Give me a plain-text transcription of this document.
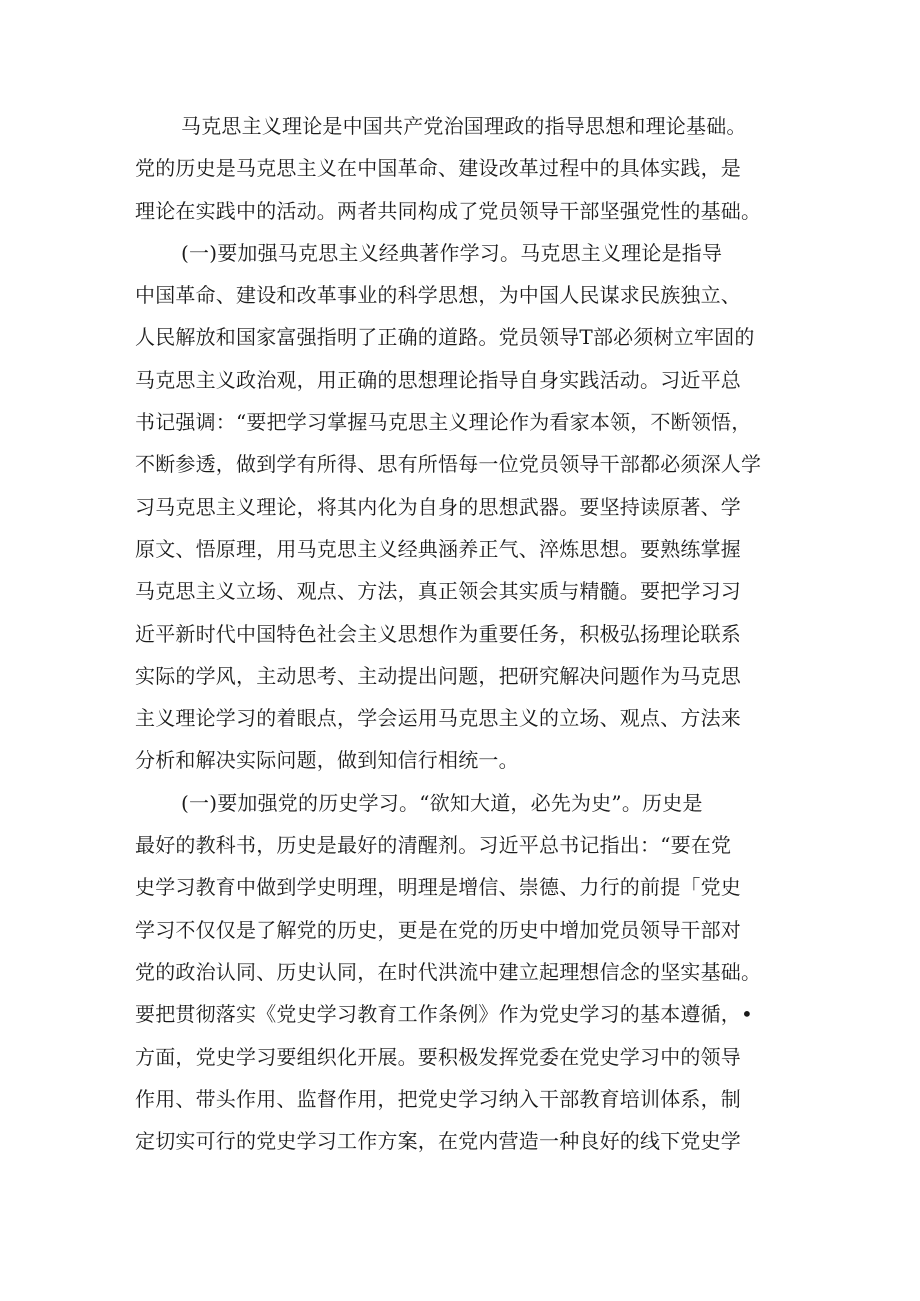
马克思主义理论是中国共产党治国理政的指导思想和理论基础。
党的历史是马克思主义在中国革命、建设改革过程中的具体实践，是
理论在实践中的活动。两者共同构成了党员领导干部坚强党性的基础。
(一)要加强马克思主义经典著作学习。马克思主义理论是指导
中国革命、建设和改革事业的科学思想，为中国人民谋求民族独立、
人民解放和国家富强指明了正确的道路。党员领导T部必须树立牢固的
马克思主义政治观，用正确的思想理论指导自身实践活动。习近平总
书记强调：“要把学习掌握马克思主义理论作为看家本领，不断领悟，
不断参透，做到学有所得、思有所悟每一位党员领导干部都必须深人学
习马克思主义理论，将其内化为自身的思想武器。要坚持读原著、学
原文、悟原理，用马克思主义经典涵养正气、淬炼思想。要熟练掌握
马克思主义立场、观点、方法，真正领会其实质与精髓。要把学习习
近平新时代中国特色社会主义思想作为重要任务，积极弘扬理论联系
实际的学风，主动思考、主动提出问题，把研究解决问题作为马克思
主义理论学习的着眼点，学会运用马克思主义的立场、观点、方法来
分析和解决实际问题，做到知信行相统一。
(一)要加强党的历史学习。“欲知大道，必先为史”。历史是
最好的教科书，历史是最好的清醒剂。习近平总书记指出：“要在党
史学习教育中做到学史明理，明理是增信、崇德、力行的前提「党史
学习不仅仅是了解党的历史，更是在党的历史中增加党员领导干部对
党的政治认同、历史认同，在时代洪流中建立起理想信念的坚实基础。
要把贯彻落实《党史学习教育工作条例》作为党史学习的基本遵循，•
方面，党史学习要组织化开展。要积极发挥党委在党史学习中的领导
作用、带头作用、监督作用，把党史学习纳入干部教育培训体系，制
定切实可行的党史学习工作方案，在党内营造一种良好的线下党史学
